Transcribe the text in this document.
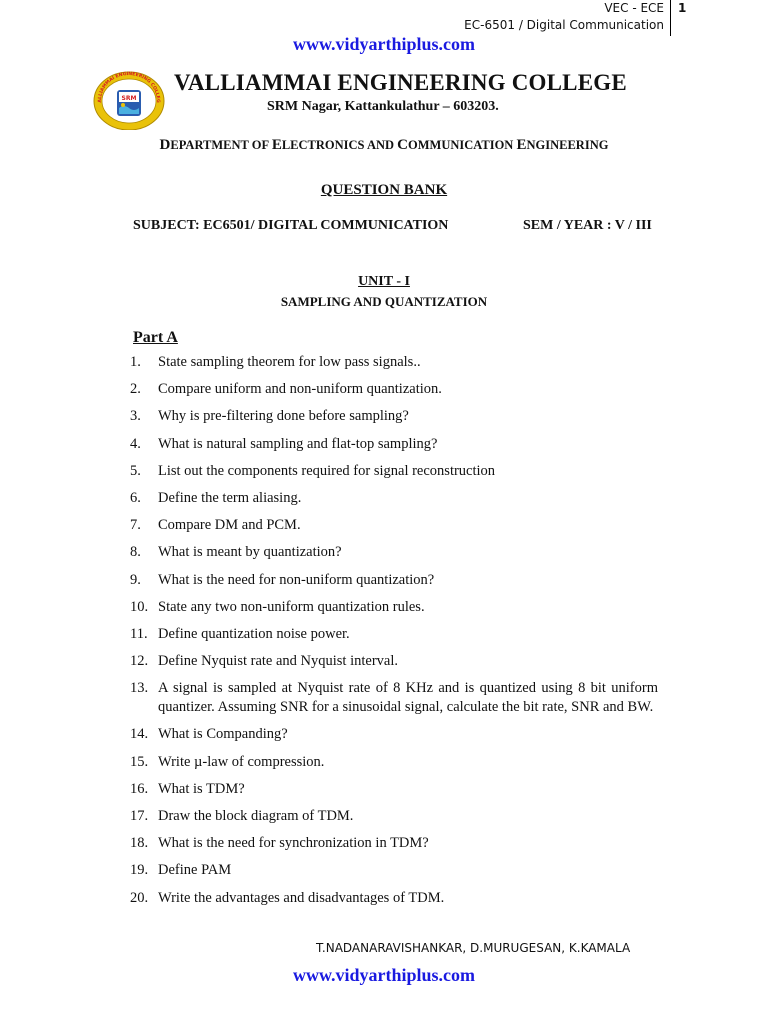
VEC - ECE
EC-6501 / Digital Communication
1
www.vidyarthiplus.com
ALLIAMMAI ENGINEERING COLLEG
SRM
VALLIAMMAI ENGINEERING COLLEGE
SRM Nagar, Kattankulathur – 603203.
DEPARTMENT OF ELECTRONICS AND COMMUNICATION ENGINEERING
QUESTION BANK
SUBJECT: EC6501/ DIGITAL COMMUNICATION	SEM / YEAR : V / III
UNIT - I
SAMPLING AND QUANTIZATION
Part A
1.	State sampling theorem for low pass signals..
2.	Compare uniform and non-uniform quantization.
3.	Why is pre-filtering done before sampling?
4.	What is natural sampling and flat-top sampling?
5.	List out the components required for signal reconstruction
6.	Define the term aliasing.
7.	Compare DM and PCM.
8.	What is meant by quantization?
9.	What is the need for non-uniform quantization?
10. State any two non-uniform quantization rules.
11. Define quantization noise power.
12. Define Nyquist rate and Nyquist interval.
13. A signal is sampled at Nyquist rate of 8 KHz and is quantized using 8 bit uniform quantizer. Assuming SNR for a sinusoidal signal, calculate the bit rate, SNR and BW.
14. What is Companding?
15. Write µ-law of compression.
16. What is TDM?
17. Draw the block diagram of TDM.
18. What is the need for synchronization in TDM?
19. Define PAM
20. Write the advantages and disadvantages of TDM.
T.NADANARAVISHANKAR, D.MURUGESAN, K.KAMALA
www.vidyarthiplus.com
